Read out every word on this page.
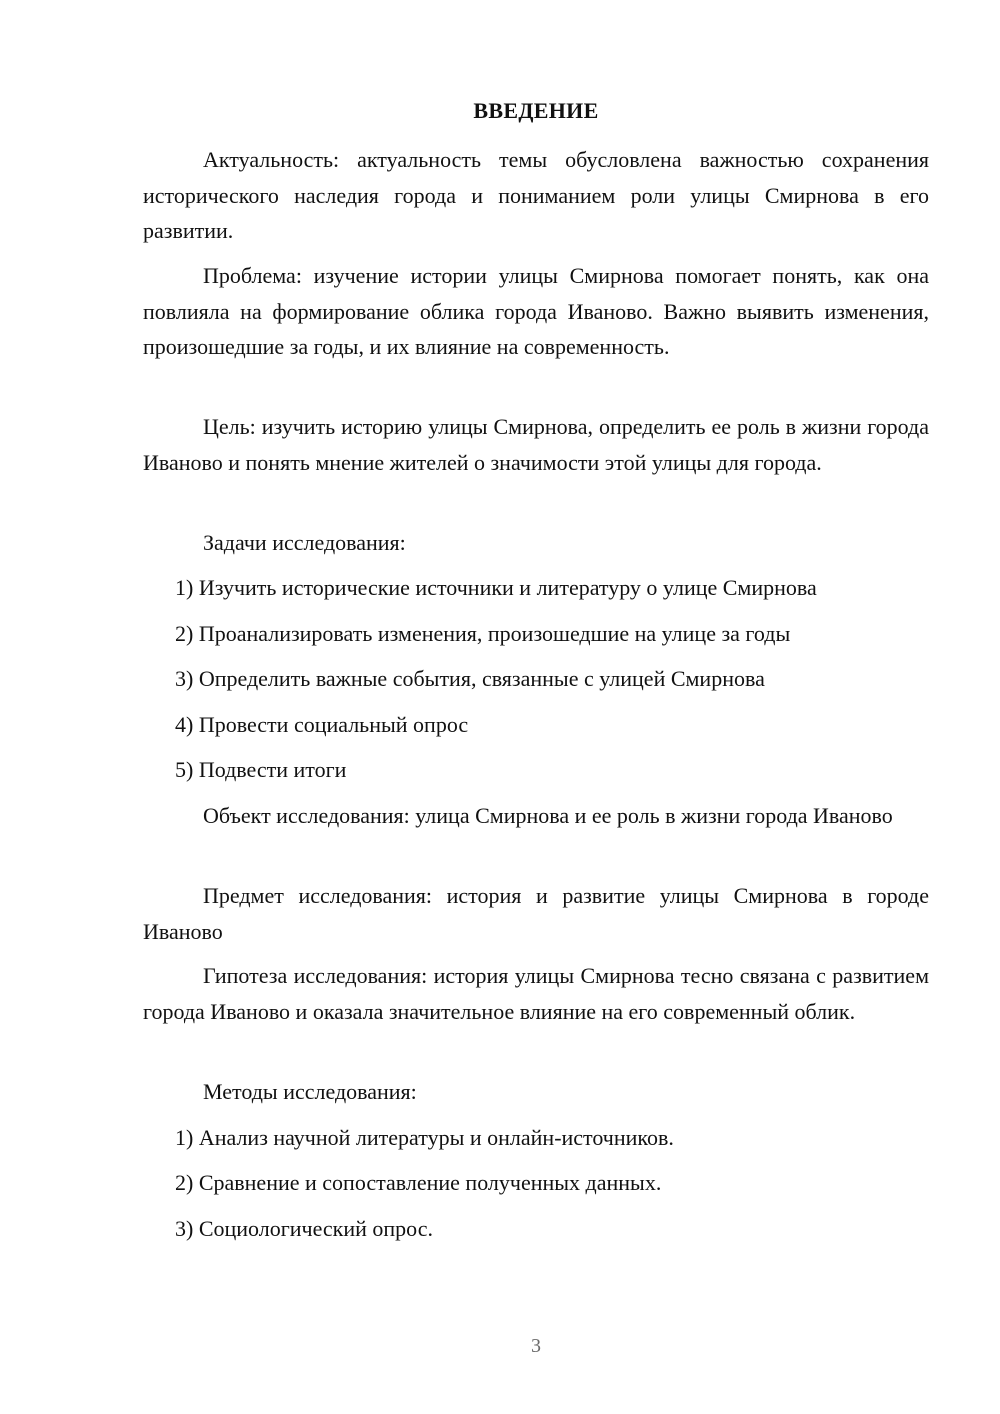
ВВЕДЕНИЕ

Актуальность: актуальность темы обусловлена важностью сохранения исторического наследия города и пониманием роли улицы Смирнова в его развитии.

Проблема: изучение истории улицы Смирнова помогает понять, как она повлияла на формирование облика города Иваново. Важно выявить изменения, произошедшие за годы, и их влияние на современность.

Цель: изучить историю улицы Смирнова, определить ее роль в жизни города Иваново и понять мнение жителей о значимости этой улицы для города.

Задачи исследования:

1) Изучить исторические источники и литературу о улице Смирнова

2) Проанализировать изменения, произошедшие на улице за годы

3) Определить важные события, связанные с улицей Смирнова

4) Провести социальный опрос

5) Подвести итоги

Объект исследования: улица Смирнова и ее роль в жизни города Иваново

Предмет исследования: история и развитие улицы Смирнова в городе Иваново

Гипотеза исследования: история улицы Смирнова тесно связана с развитием города Иваново и оказала значительное влияние на его современный облик.

Методы исследования:

1) Анализ научной литературы и онлайн-источников.

2) Сравнение и сопоставление полученных данных.

3) Социологический опрос.

3
